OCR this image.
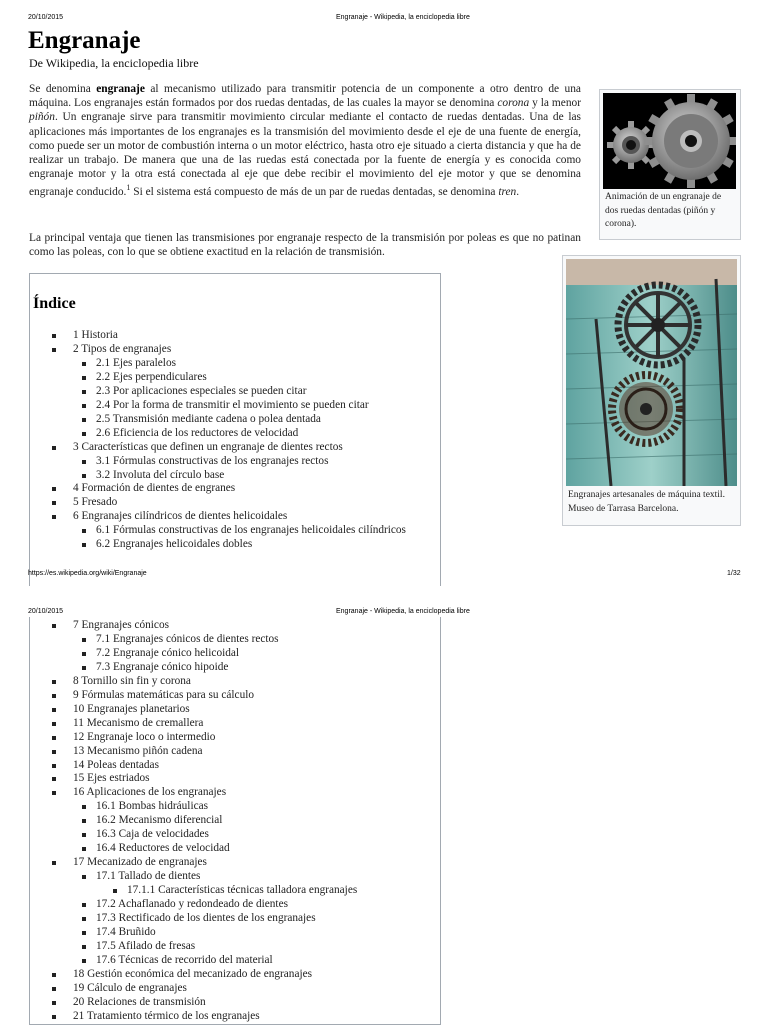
20/10/2015	Engranaje - Wikipedia, la enciclopedia libre
Engranaje
De Wikipedia, la enciclopedia libre
Se denomina engranaje al mecanismo utilizado para transmitir potencia de un componente a otro dentro de una máquina. Los engranajes están formados por dos ruedas dentadas, de las cuales la mayor se denomina corona y la menor piñón. Un engranaje sirve para transmitir movimiento circular mediante el contacto de ruedas dentadas. Una de las aplicaciones más importantes de los engranajes es la transmisión del movimiento desde el eje de una fuente de energía, como puede ser un motor de combustión interna o un motor eléctrico, hasta otro eje situado a cierta distancia y que ha de realizar un trabajo. De manera que una de las ruedas está conectada por la fuente de energía y es conocida como engranaje motor y la otra está conectada al eje que debe recibir el movimiento del eje motor y que se denomina engranaje conducido.$^1$ Si el sistema está compuesto de más de un par de ruedas dentadas, se denomina tren.
La principal ventaja que tienen las transmisiones por engranaje respecto de la transmisión por poleas es que no patinan como las poleas, con lo que se obtiene exactitud en la relación de transmisión.
Animación de un engranaje de dos ruedas dentadas (piñón y corona).
Engranajes artesanales de máquina textil. Museo de Tarrasa Barcelona.
Índice
1 Historia
2 Tipos de engranajes
2.1 Ejes paralelos
2.2 Ejes perpendiculares
2.3 Por aplicaciones especiales se pueden citar
2.4 Por la forma de transmitir el movimiento se pueden citar
2.5 Transmisión mediante cadena o polea dentada
2.6 Eficiencia de los reductores de velocidad
3 Características que definen un engranaje de dientes rectos
3.1 Fórmulas constructivas de los engranajes rectos
3.2 Involuta del círculo base
4 Formación de dientes de engranes
5 Fresado
6 Engranajes cilíndricos de dientes helicoidales
6.1 Fórmulas constructivas de los engranajes helicoidales cilíndricos
6.2 Engranajes helicoidales dobles
https://es.wikipedia.org/wiki/Engranaje	1/32
20/10/2015	Engranaje - Wikipedia, la enciclopedia libre
7 Engranajes cónicos
7.1 Engranajes cónicos de dientes rectos
7.2 Engranaje cónico helicoidal
7.3 Engranaje cónico hipoide
8 Tornillo sin fin y corona
9 Fórmulas matemáticas para su cálculo
10 Engranajes planetarios
11 Mecanismo de cremallera
12 Engranaje loco o intermedio
13 Mecanismo piñón cadena
14 Poleas dentadas
15 Ejes estriados
16 Aplicaciones de los engranajes
16.1 Bombas hidráulicas
16.2 Mecanismo diferencial
16.3 Caja de velocidades
16.4 Reductores de velocidad
17 Mecanizado de engranajes
17.1 Tallado de dientes
17.1.1 Características técnicas talladora engranajes
17.2 Achaflanado y redondeado de dientes
17.3 Rectificado de los dientes de los engranajes
17.4 Bruñido
17.5 Afilado de fresas
17.6 Técnicas de recorrido del material
18 Gestión económica del mecanizado de engranajes
19 Cálculo de engranajes
20 Relaciones de transmisión
21 Tratamiento térmico de los engranajes
